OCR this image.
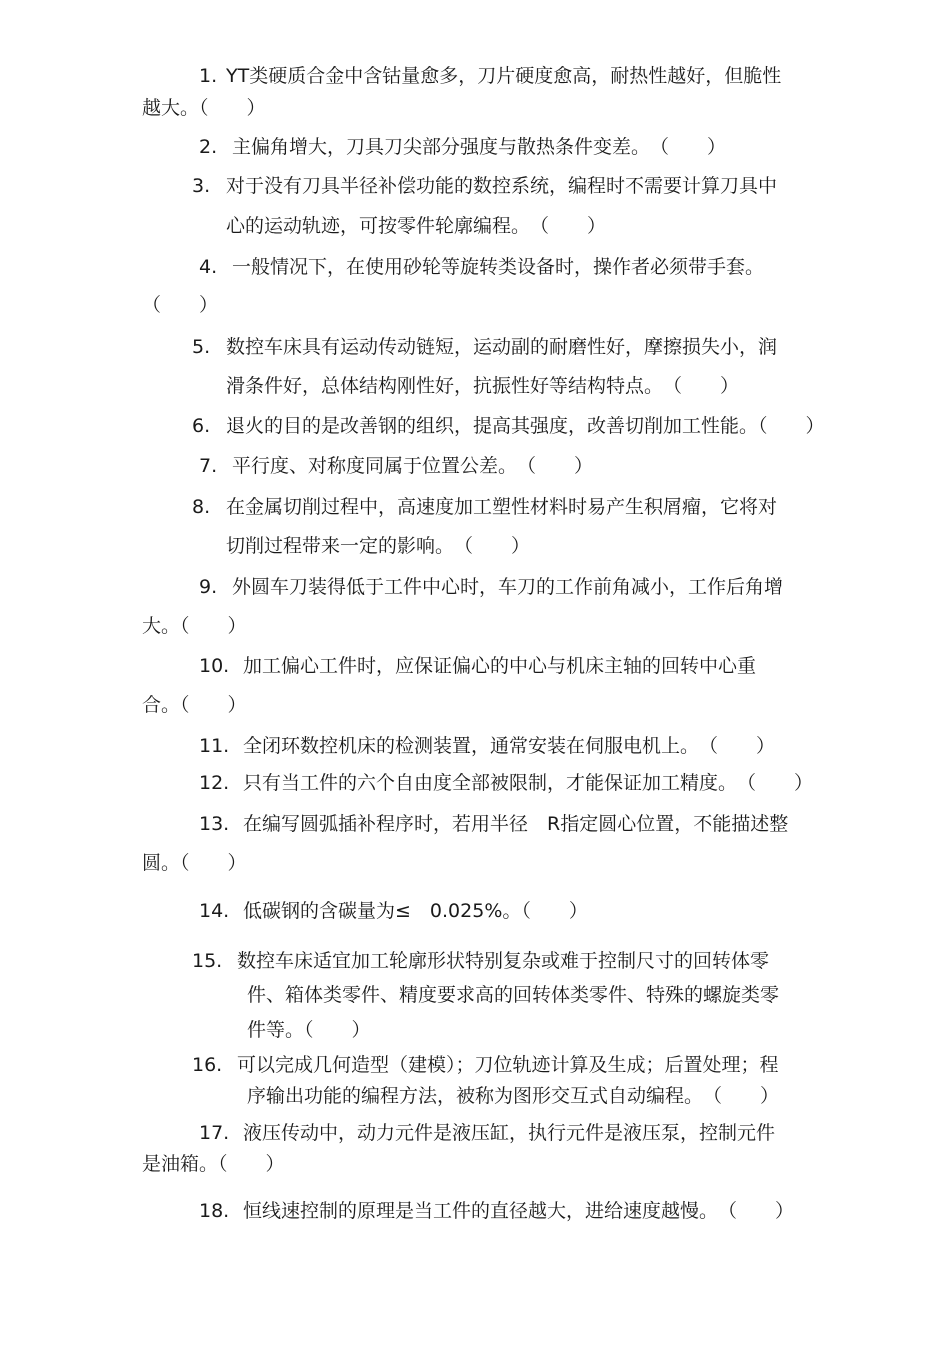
1. YT类硬质合金中含钴量愈多，刀片硬度愈高，耐热性越好，但脆性
越大。（　　）
2. 主偏角增大，刀具刀尖部分强度与散热条件变差。　（　　）
3. 对于没有刀具半径补偿功能的数控系统，编程时不需要计算刀具中
心的运动轨迹，可按零件轮廓编程。　（　　）
4. 一般情况下，在使用砂轮等旋转类设备时，操作者必须带手套。
（　　）
5. 数控车床具有运动传动链短，运动副的耐磨性好，摩擦损失小，润
滑条件好，总体结构刚性好，抗振性好等结构特点。　（　　）
6. 退火的目的是改善钢的组织，提高其强度，改善切削加工性能。（　　）
7. 平行度、对称度同属于位置公差。　（　　）
8. 在金属切削过程中，高速度加工塑性材料时易产生积屑瘤，它将对
切削过程带来一定的影响。　（　　）
9. 外圆车刀装得低于工件中心时，车刀的工作前角减小，工作后角增
大。（　　）
10. 加工偏心工件时，应保证偏心的中心与机床主轴的回转中心重
合。（　　）
11. 全闭环数控机床的检测装置，通常安装在伺服电机上。　（　　）
12. 只有当工件的六个自由度全部被限制，才能保证加工精度。　（　　）
13. 在编写圆弧插补程序时，若用半径　R指定圆心位置，不能描述整
圆。（　　）
14. 低碳钢的含碳量为≤　0.025%。（　　）
15. 数控车床适宜加工轮廓形状特别复杂或难于控制尺寸的回转体零
件、箱体类零件、精度要求高的回转体类零件、特殊的螺旋类零
件等。（　　）
16. 可以完成几何造型（建模）；刀位轨迹计算及生成；后置处理；程
序输出功能的编程方法，被称为图形交互式自动编程。　（　　）
17. 液压传动中，动力元件是液压缸，执行元件是液压泵，控制元件
是油箱。（　　）
18. 恒线速控制的原理是当工件的直径越大，进给速度越慢。　（　　）
